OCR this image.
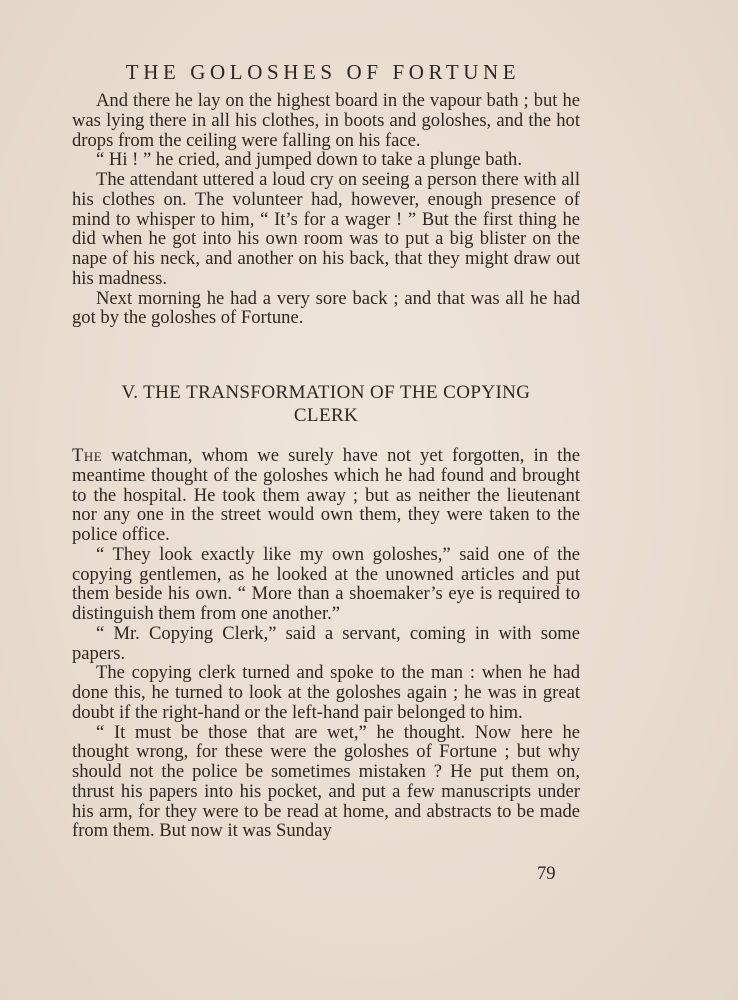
THE GOLOSHES OF FORTUNE

And there he lay on the highest board in the vapour bath ; but he was lying there in all his clothes, in boots and goloshes, and the hot drops from the ceiling were falling on his face.

“ Hi ! ” he cried, and jumped down to take a plunge bath.

The attendant uttered a loud cry on seeing a person there with all his clothes on. The volunteer had, however, enough presence of mind to whisper to him, “ It’s for a wager ! ” But the first thing he did when he got into his own room was to put a big blister on the nape of his neck, and another on his back, that they might draw out his madness.

Next morning he had a very sore back ; and that was all he had got by the goloshes of Fortune.

V. THE TRANSFORMATION OF THE COPYING
CLERK

The watchman, whom we surely have not yet forgotten, in the meantime thought of the goloshes which he had found and brought to the hospital. He took them away ; but as neither the lieutenant nor any one in the street would own them, they were taken to the police office.

“ They look exactly like my own goloshes,” said one of the copying gentlemen, as he looked at the unowned articles and put them beside his own. “ More than a shoemaker’s eye is required to distinguish them from one another.”

“ Mr. Copying Clerk,” said a servant, coming in with some papers.

The copying clerk turned and spoke to the man : when he had done this, he turned to look at the goloshes again ; he was in great doubt if the right-hand or the left-hand pair belonged to him.

“ It must be those that are wet,” he thought. Now here he thought wrong, for these were the goloshes of Fortune ; but why should not the police be sometimes mistaken ? He put them on, thrust his papers into his pocket, and put a few manuscripts under his arm, for they were to be read at home, and abstracts to be made from them. But now it was Sunday

79
